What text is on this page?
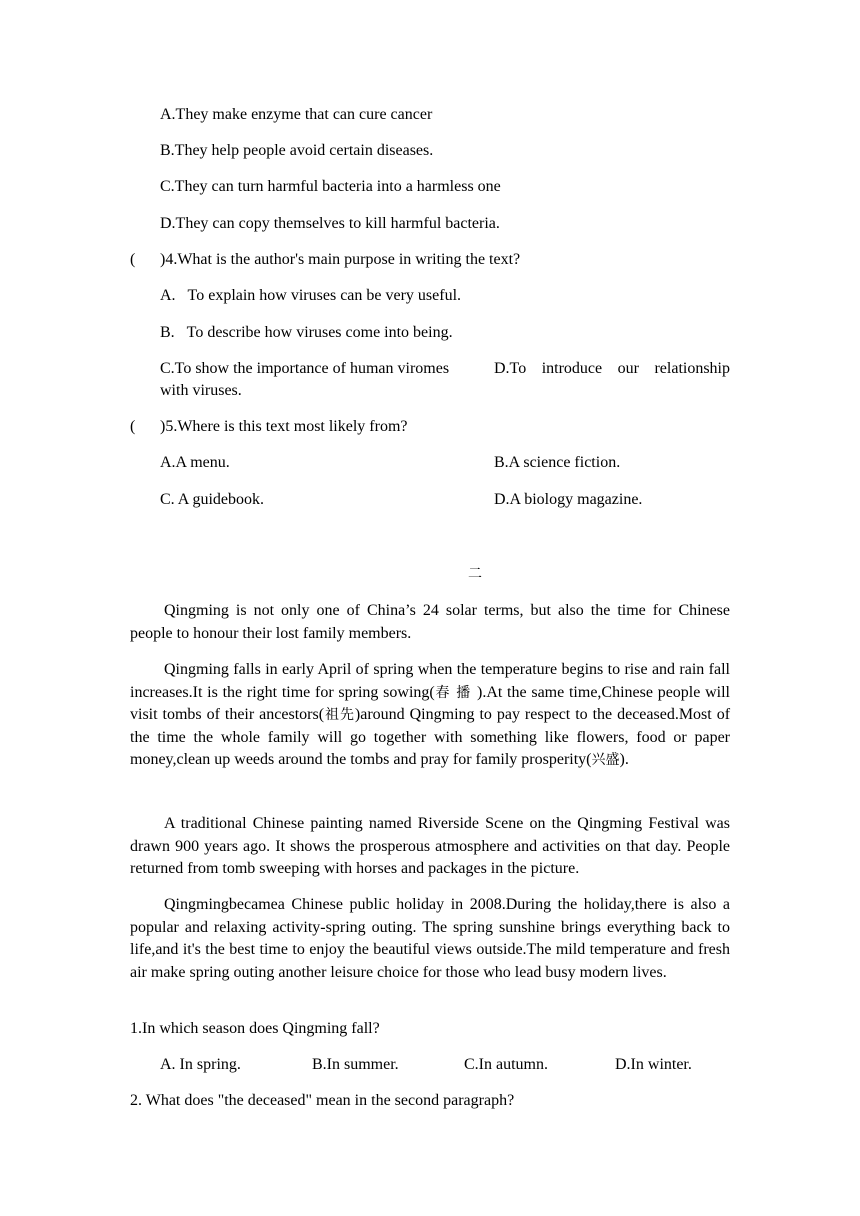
A.They make enzyme that can cure cancer
B.They help people avoid certain diseases.
C.They can turn harmful bacteria into a harmless one
D.They can copy themselves to kill harmful bacteria.
( )4.What is the author's main purpose in writing the text?
A.   To explain how viruses can be very useful.
B.   To describe how viruses come into being.
C.To show the importance of human viromes	D.To introduce our relationship
with viruses.
( )5.Where is this text most likely from?
A.A menu.	B.A science fiction.
C. A guidebook.	D.A biology magazine.
二
Qingming is not only one of China’s 24 solar terms, but also the time for Chinese people to honour their lost family members.
Qingming falls in early April of spring when the temperature begins to rise and rain fall increases.It is the right time for spring sowing(春播).At the same time,Chinese people will visit tombs of their ancestors(祖先)around Qingming to pay respect to the deceased.Most of the time the whole family will go together with something like flowers, food or paper money,clean up weeds around the tombs and pray for family prosperity(兴盛).
A traditional Chinese painting named Riverside Scene on the Qingming Festival was drawn 900 years ago. It shows the prosperous atmosphere and activities on that day. People returned from tomb sweeping with horses and packages in the picture.
Qingmingbecamea Chinese public holiday in 2008.During the holiday,there is also a popular and relaxing activity-spring outing. The spring sunshine brings everything back to life,and it's the best time to enjoy the beautiful views outside.The mild temperature and fresh air make spring outing another leisure choice for those who lead busy modern lives.
1.In which season does Qingming fall?
A. In spring.	B.In summer.	C.In autumn.	D.In winter.
2. What does "the deceased" mean in the second paragraph?
